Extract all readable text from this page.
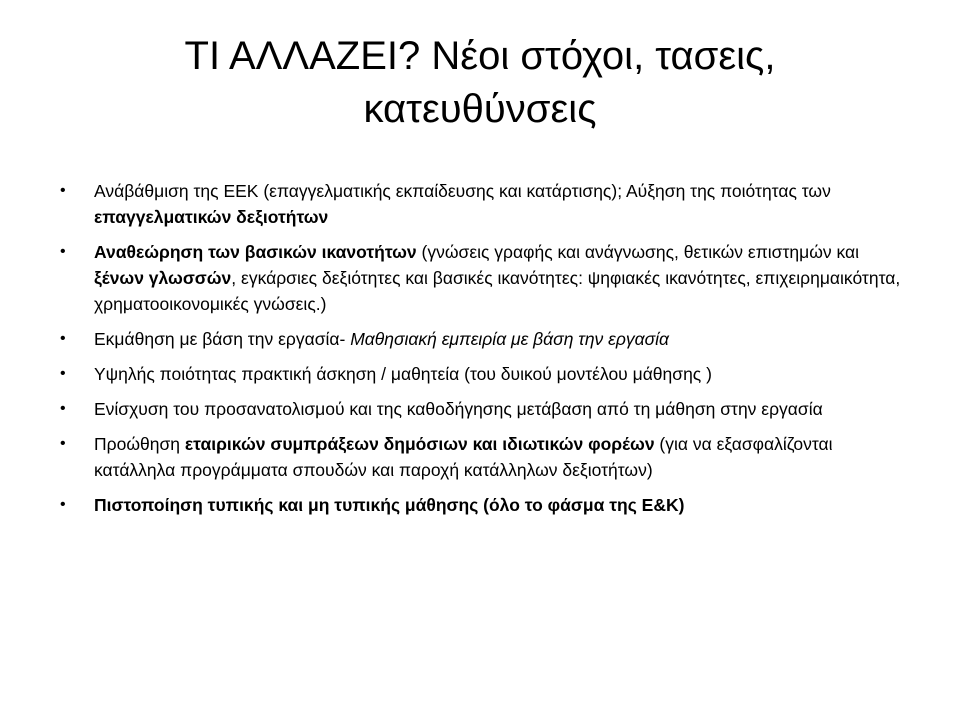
ΤΙ ΑΛΛΑΖΕΙ? Νέοι στόχοι, τασεις,
κατευθύνσεις
•	Ανάβάθμιση της ΕΕΚ (επαγγελματικής εκπαίδευσης και κατάρτισης); Αύξηση της ποιότητας των επαγγελματικών δεξιοτήτων
•	Αναθεώρηση των βασικών ικανοτήτων (γνώσεις γραφής και ανάγνωσης, θετικών επιστημών και ξένων γλωσσών, εγκάρσιες δεξιότητες και βασικές ικανότητες: ψηφιακές ικανότητες, επιχειρημαικότητα, χρηματοοικονομικές γνώσεις.)
•	Εκμάθηση με βάση την εργασία- Μαθησιακή εμπειρία με βάση την εργασία
•	Υψηλής ποιότητας πρακτική άσκηση / μαθητεία (του δυικού μοντέλου μάθησης )
•	Ενίσχυση του προσανατολισμού και της καθοδήγησης μετάβαση από τη μάθηση στην εργασία
•	Προώθηση εταιρικών συμπράξεων δημόσιων και ιδιωτικών φορέων (για να εξασφαλίζονται κατάλληλα προγράμματα σπουδών και παροχή κατάλληλων δεξιοτήτων)
•	Πιστοποίηση τυπικής και μη τυπικής μάθησης (όλο το φάσμα της Ε&Κ)
